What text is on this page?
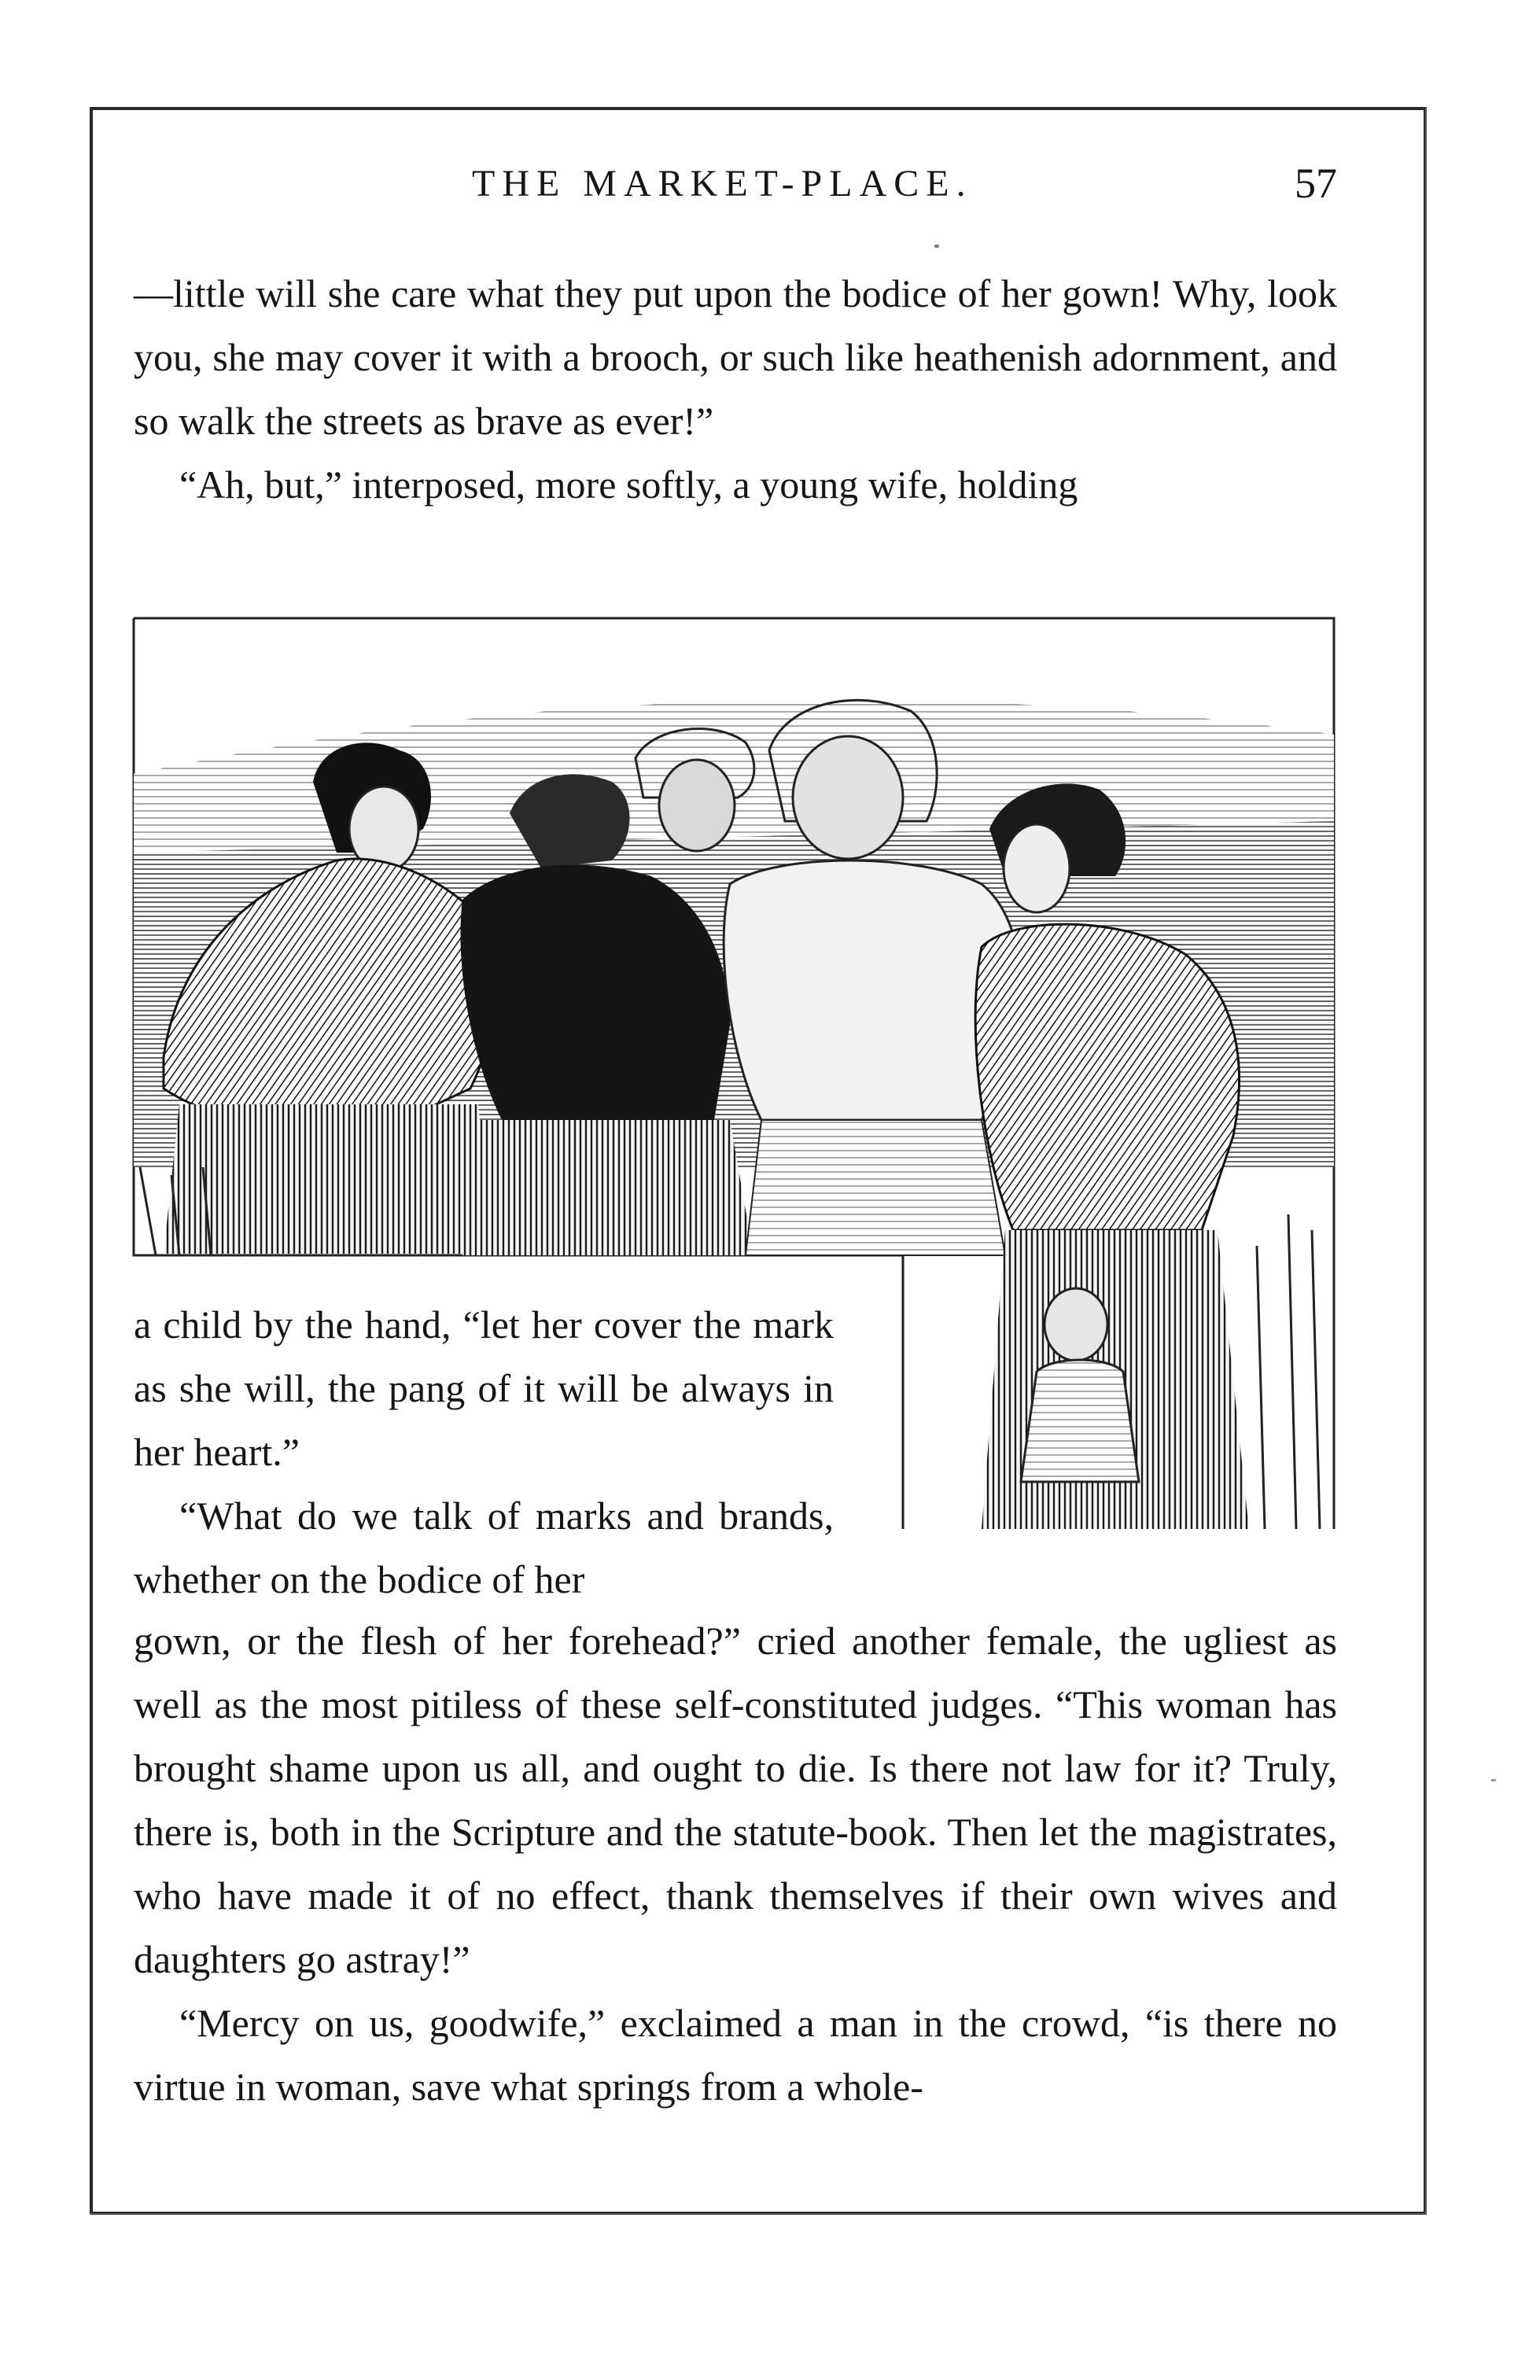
THE MARKET-PLACE.	57

—little will she care what they put upon the bodice of her gown! Why, look you, she may cover it with a brooch, or such like heathenish adornment, and so walk the streets as brave as ever!”

“Ah, but,” interposed, more softly, a young wife, holding

a child by the hand, “let her cover the mark as she will, the pang of it will be always in her heart.”

“What do we talk of marks and brands, whether on the bodice of her

gown, or the flesh of her forehead?” cried another female, the ugliest as well as the most pitiless of these self-constituted judges. “This woman has brought shame upon us all, and ought to die. Is there not law for it? Truly, there is, both in the Scripture and the statute-book. Then let the magistrates, who have made it of no effect, thank themselves if their own wives and daughters go astray!”

“Mercy on us, goodwife,” exclaimed a man in the crowd, “is there no virtue in woman, save what springs from a whole-
